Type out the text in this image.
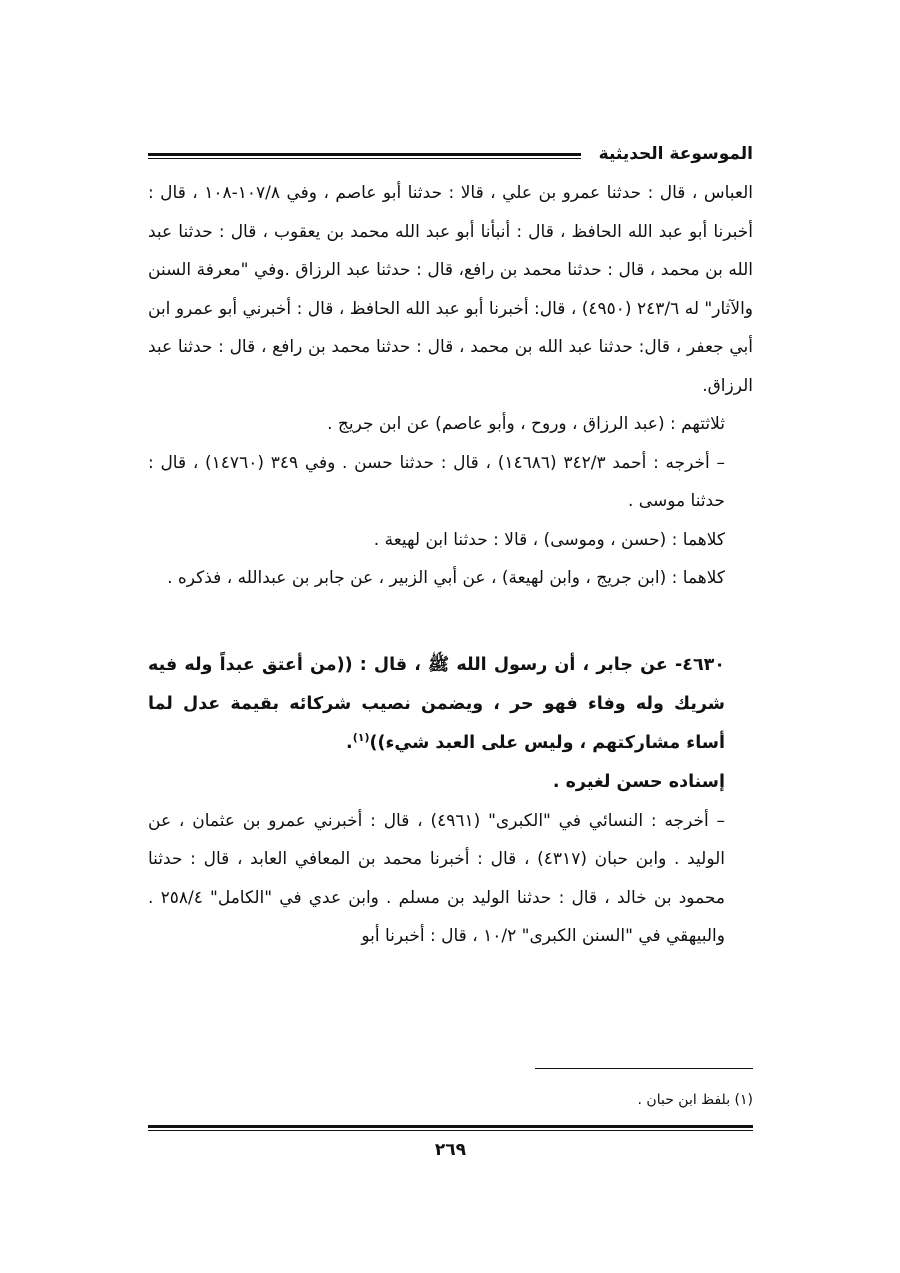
الموسوعة الحديثية

العباس ، قال : حدثنا عمرو بن علي ، قالا : حدثنا أبو عاصم ، وفي ١٠٧/٨-١٠٨ ، قال : أخبرنا أبو عبد الله الحافظ ، قال : أنبأنا أبو عبد الله محمد بن يعقوب ، قال : حدثنا عبد الله بن محمد ، قال : حدثنا محمد بن رافع، قال : حدثنا عبد الرزاق .وفي "معرفة السنن والآثار" له ٢٤٣/٦ (٤٩٥٠) ، قال: أخبرنا أبو عبد الله الحافظ ، قال : أخبرني أبو عمرو ابن أبي جعفر ، قال: حدثنا عبد الله بن محمد ، قال : حدثنا محمد بن رافع ، قال : حدثنا عبد الرزاق.

ثلاثتهم : (عبد الرزاق ، وروح ، وأبو عاصم) عن ابن جريج .

– أخرجه : أحمد ٣٤٢/٣ (١٤٦٨٦) ، قال : حدثنا حسن . وفي ٣٤٩ (١٤٧٦٠) ، قال : حدثنا موسى .

كلاهما : (حسن ، وموسى) ، قالا : حدثنا ابن لهيعة .

كلاهما : (ابن جريج ، وابن لهيعة) ، عن أبي الزبير ، عن جابر بن عبدالله ، فذكره .

٤٦٣٠- عن جابر ، أن رسول الله ﷺ ، قال : ((من أعتق عبداً وله فيه شريك وله وفاء فهو حر ، ويضمن نصيب شركائه بقيمة عدل لما أساء مشاركتهم ، وليس على العبد شيء))$^{(١)}$.

إسناده حسن لغيره .

– أخرجه : النسائي في "الكبرى" (٤٩٦١) ، قال : أخبرني عمرو بن عثمان ، عن الوليد . وابن حبان (٤٣١٧) ، قال : أخبرنا محمد بن المعافي العابد ، قال : حدثنا محمود بن خالد ، قال : حدثنا الوليد بن مسلم . وابن عدي في "الكامل" ٢٥٨/٤ . والبيهقي في "السنن الكبرى" ١٠/٢ ، قال : أخبرنا أبو

(١) بلفظ ابن حبان .
٢٦٩
